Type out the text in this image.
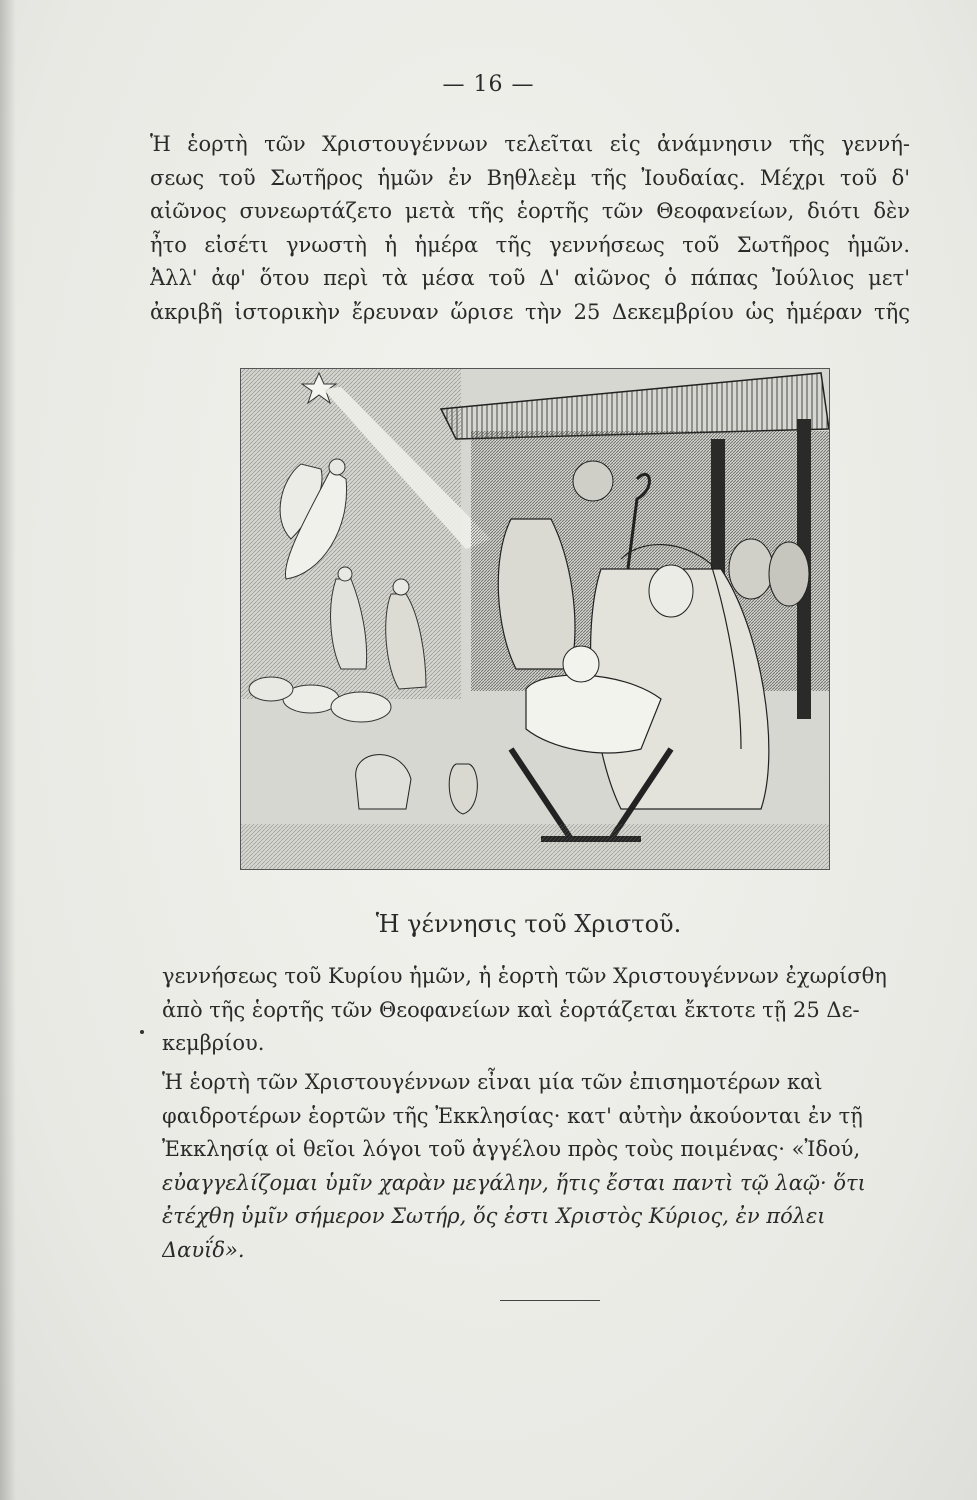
— 16 —
Ἡ ἑορτὴ τῶν Χριστουγέννων τελεῖται εἰς ἀνάμνησιν τῆς γεννή-
σεως τοῦ Σωτῆρος ἡμῶν ἐν Βηθλεὲμ τῆς Ἰουδαίας. Μέχρι τοῦ δ'
αἰῶνος συνεωρτάζετο μετὰ τῆς ἑορτῆς τῶν Θεοφανείων, διότι δὲν
ἦτο εἰσέτι γνωστὴ ἡ ἡμέρα τῆς γεννήσεως τοῦ Σωτῆρος ἡμῶν.
Ἀλλ' ἀφ' ὅτου περὶ τὰ μέσα τοῦ Δ' αἰῶνος ὁ πάπας Ἰούλιος μετ'
ἀκριβῆ ἱστορικὴν ἔρευναν ὥρισε τὴν 25 Δεκεμβρίου ὡς ἡμέραν τῆς
Ἡ γέννησις τοῦ Χριστοῦ.
γεννήσεως τοῦ Κυρίου ἡμῶν, ἡ ἑορτὴ τῶν Χριστουγέννων ἐχωρίσθη
ἀπὸ τῆς ἑορτῆς τῶν Θεοφανείων καὶ ἑορτάζεται ἔκτοτε τῇ 25 Δε-
κεμβρίου.
Ἡ ἑορτὴ τῶν Χριστουγέννων εἶναι μία τῶν ἐπισημοτέρων καὶ
φαιδροτέρων ἑορτῶν τῆς Ἐκκλησίας· κατ' αὐτὴν ἀκούονται ἐν τῇ
Ἐκκλησίᾳ οἱ θεῖοι λόγοι τοῦ ἀγγέλου πρὸς τοὺς ποιμένας· «Ἰδού,
εὐαγγελίζομαι ὑμῖν χαρὰν μεγάλην, ἥτις ἔσται παντὶ τῷ λαῷ· ὅτι
ἐτέχθη ὑμῖν σήμερον Σωτήρ, ὅς ἐστι Χριστὸς Κύριος, ἐν πόλει
Δαυΐδ».
